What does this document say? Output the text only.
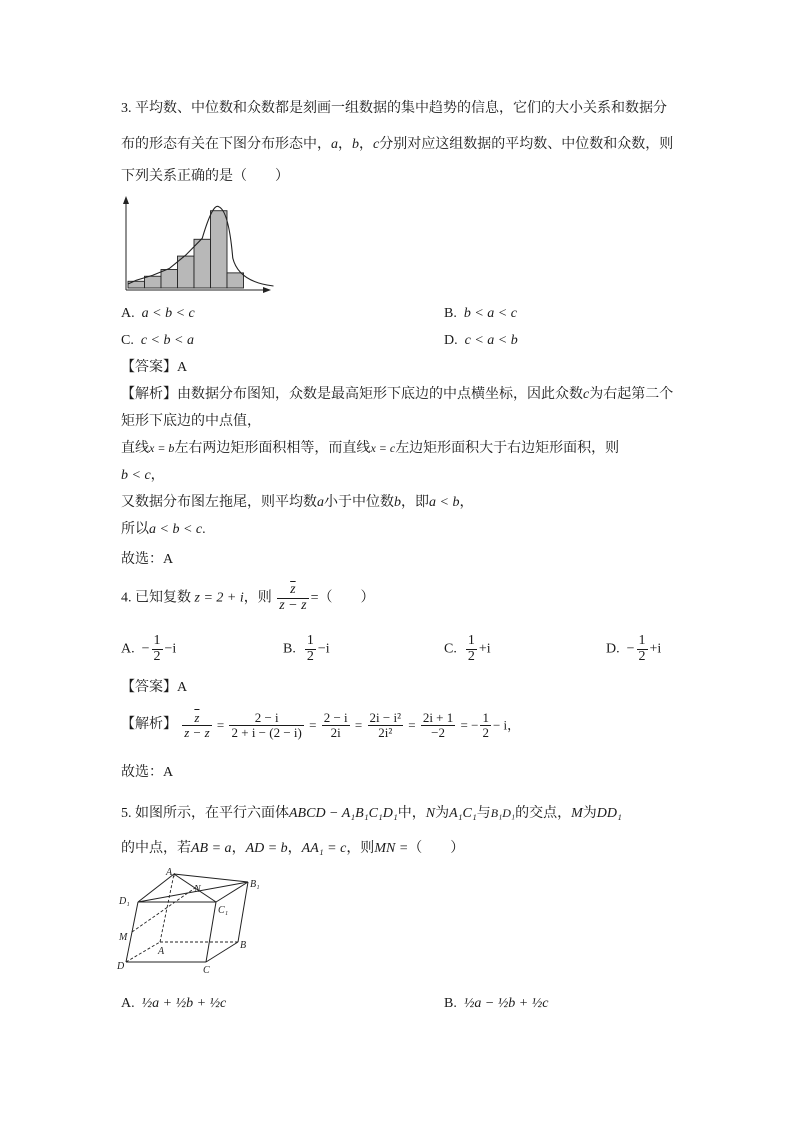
3. 平均数、中位数和众数都是刻画一组数据的集中趋势的信息，它们的大小关系和数据分
布的形态有关在下图分布形态中，a，b，c分别对应这组数据的平均数、中位数和众数，则
下列关系正确的是（　　）
A. a < b < c	B. b < a < c
C. c < b < a	D. c < a < b
【答案】A
【解析】由数据分布图知，众数是最高矩形下底边的中点横坐标，因此众数c为右起第二个
矩形下底边的中点值，
直线x = b左右两边矩形面积相等，而直线x = c左边矩形面积大于右边矩形面积，则
b < c，
又数据分布图左拖尾，则平均数a小于中位数b，即a < b，
所以a < b < c.
故选：A
4. 已知复数 z = 2 + i，则 $\frac{\overline{z}}{z - z}$ =（　　）
A. − $\frac{1}{2} -i$	B. $\frac{1}{2} -i$	C. $\frac{1}{2} +i$	D. − $\frac{1}{2} +i$
【答案】A
【解析】 $\frac{\overline{z}}{z - z} = \frac{2 - i}{2 + i - (2 - i)} = \frac{2 - i}{2i} = \frac{\text{2i − i²}}{\text{2i²}} = \frac{2i + 1}{-2}$ = − $\frac{1}{2} - i$，
故选：A
5. 如图所示，在平行六面体ABCD − A₁B₁C₁D₁中，N为A₁C₁与B₁D₁的交点，M为DD₁
的中点，若AB = a，AD = b，AA₁ = c，则MN =（　　）
A₁
B₁
C₁
D₁
N
M
A
B
C
D
A. ½a + ½b + ½c	B. ½a − ½b + ½c
